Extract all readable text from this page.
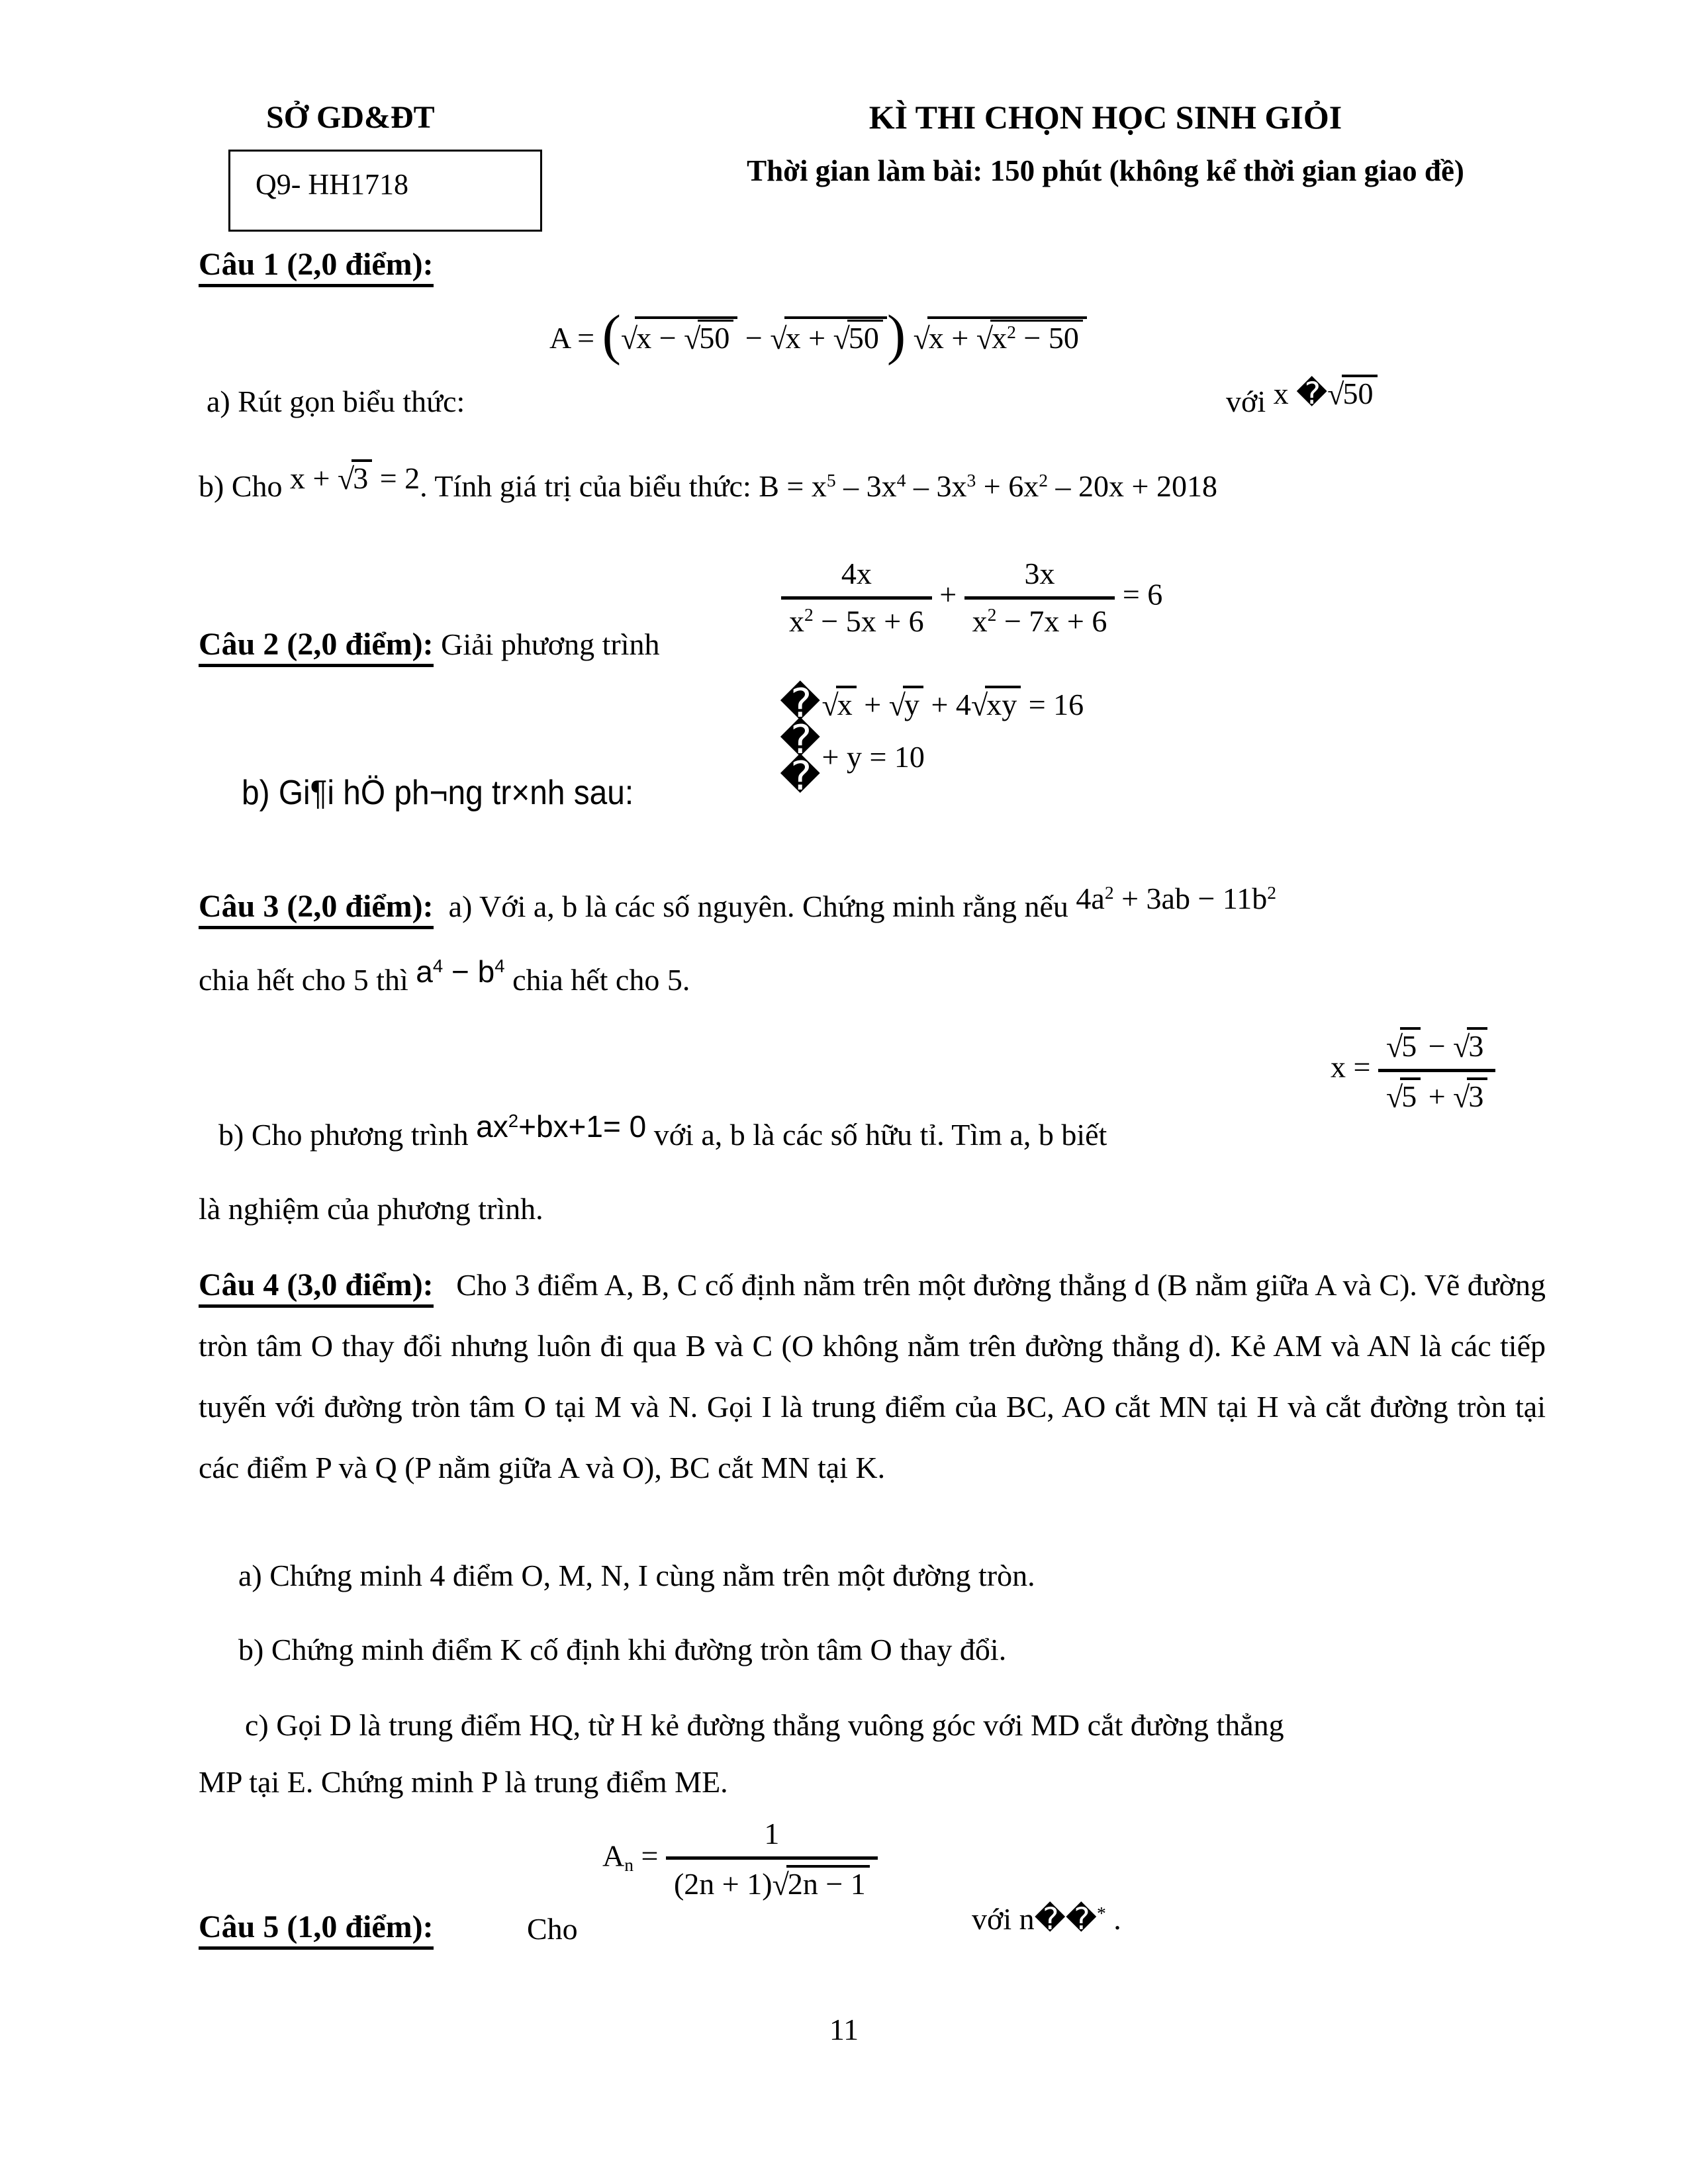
SỞ GD&ĐT
Q9- HH1718
KÌ THI CHỌN HỌC SINH GIỎI
Thời gian làm bài: 150 phút (không kể thời gian giao đề)
Câu 1 (2,0 điểm):
a) Rút gọn biểu thức:
A = (√x − √50 − √x + √50 ) $√x + √x^2 - 50$
với x �√50
b) Cho x + √3 = 2. Tính giá trị của biểu thức: $B = x^5 - 3x^4 - 3x^3 + 6x^2 - 20x + 2018$
Câu 2 (2,0 điểm): Giải phương trình
$\frac{4x}{x^2 - 5x + 6} + \frac{3x}{x^2 - 7x + 6} = 6$
b) Gi¶i hÖ ph¬ng tr×nh sau:
�
�
�
√x + √y + 4√xy = 16
+ y = 10
Câu 3 (2,0 điểm):  a) Với a, b là các số nguyên. Chứng minh rằng nếu $4a^2 + 3ab - 11b^2$
chia hết cho 5 thì $a^4 - b^4$ chia hết cho 5.
$x = \frac{√5 - √3}{√5 + √3}$
b) Cho phương trình $ax^2+bx+1= 0$ với a, b là các số hữu tỉ. Tìm a, b biết
là nghiệm của phương trình.
Câu 4 (3,0 điểm):   Cho 3 điểm A, B, C cố định nằm trên một đường thẳng d (B nằm giữa A và C). Vẽ đường tròn tâm O thay đổi nhưng luôn đi qua B và C (O không nằm trên đường thẳng d). Kẻ AM và AN là các tiếp tuyến với đường tròn tâm O tại M và N. Gọi I là trung điểm của BC, AO cắt MN tại H và cắt đường tròn tại các điểm P và Q (P nằm giữa A và O), BC cắt MN tại K.
a) Chứng minh 4 điểm O, M, N, I cùng nằm trên một đường tròn.
b) Chứng minh điểm K cố định khi đường tròn tâm O thay đổi.
c) Gọi D là trung điểm HQ, từ H kẻ đường thẳng vuông góc với MD cắt đường thẳng
MP tại E. Chứng minh P là trung điểm ME.
Câu 5 (1,0 điểm):	Cho
$A_n = \frac{1}{(2n + 1)√2n - 1}$
với n��* .
11
